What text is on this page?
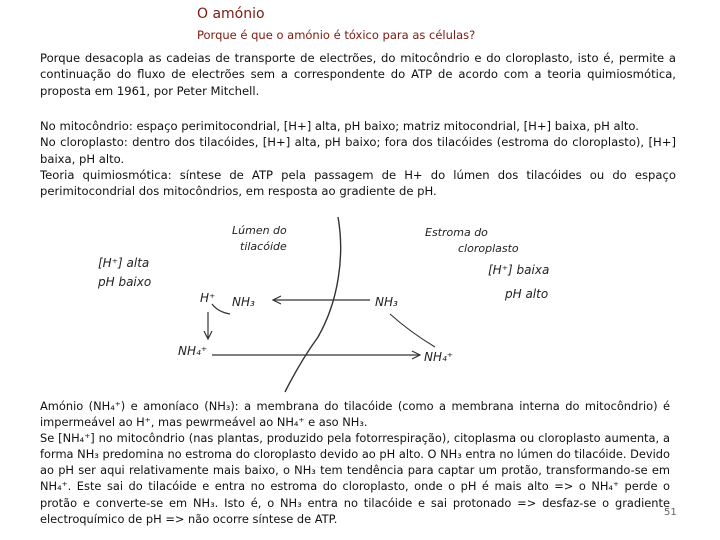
O amónio
Porque é que o amónio é tóxico para as células?

Porque desacopla as cadeias de transporte de electrões, do mitocôndrio e do cloroplasto, isto é, permite a continuação do fluxo de electrões sem a correspondente do ATP de acordo com a teoria quimiosmótica, proposta em 1961, por Peter Mitchell.

No mitocôndrio: espaço perimitocondrial, [H+] alta, pH baixo; matriz mitocondrial, [H+] baixa, pH alto.

No cloroplasto: dentro dos tilacóides, [H+] alta, pH baixo; fora dos tilacóides (estroma do cloroplasto), [H+] baixa, pH alto.

Teoria quimiosmótica: síntese de ATP pela passagem de H+ do lúmen dos tilacóides ou do espaço perimitocondrial dos mitocôndrios, em resposta ao gradiente de pH.

Lúmen do
tilacóide
Estroma do
cloroplasto
[H⁺] alta
pH baixo
[H⁺] baixa
pH alto
H⁺ NH₃	NH₃
NH₄⁺	NH₄⁺

Amónio (NH₄⁺) e amoníaco (NH₃): a membrana do tilacóide (como a membrana interna do mitocôndrio) é impermeável ao H⁺, mas pewrmeável ao NH₄⁺ e aso NH₃.

Se [NH₄⁺] no mitocôndrio (nas plantas, produzido pela fotorrespiração), citoplasma ou cloroplasto aumenta, a forma NH₃ predomina no estroma do cloroplasto devido ao pH alto. O NH₃ entra no lúmen do tilacóide. Devido ao pH ser aqui relativamente mais baixo, o NH₃ tem tendência para captar um protão, transformando-se em NH₄⁺. Este sai do tilacóide e entra no estroma do cloroplasto, onde o pH é mais alto => o NH₄⁺ perde o protão e converte-se em NH₃. Isto é, o NH₃ entra no tilacóide e sai protonado => desfaz-se o gradiente electroquímico de pH => não ocorre síntese de ATP.	51
